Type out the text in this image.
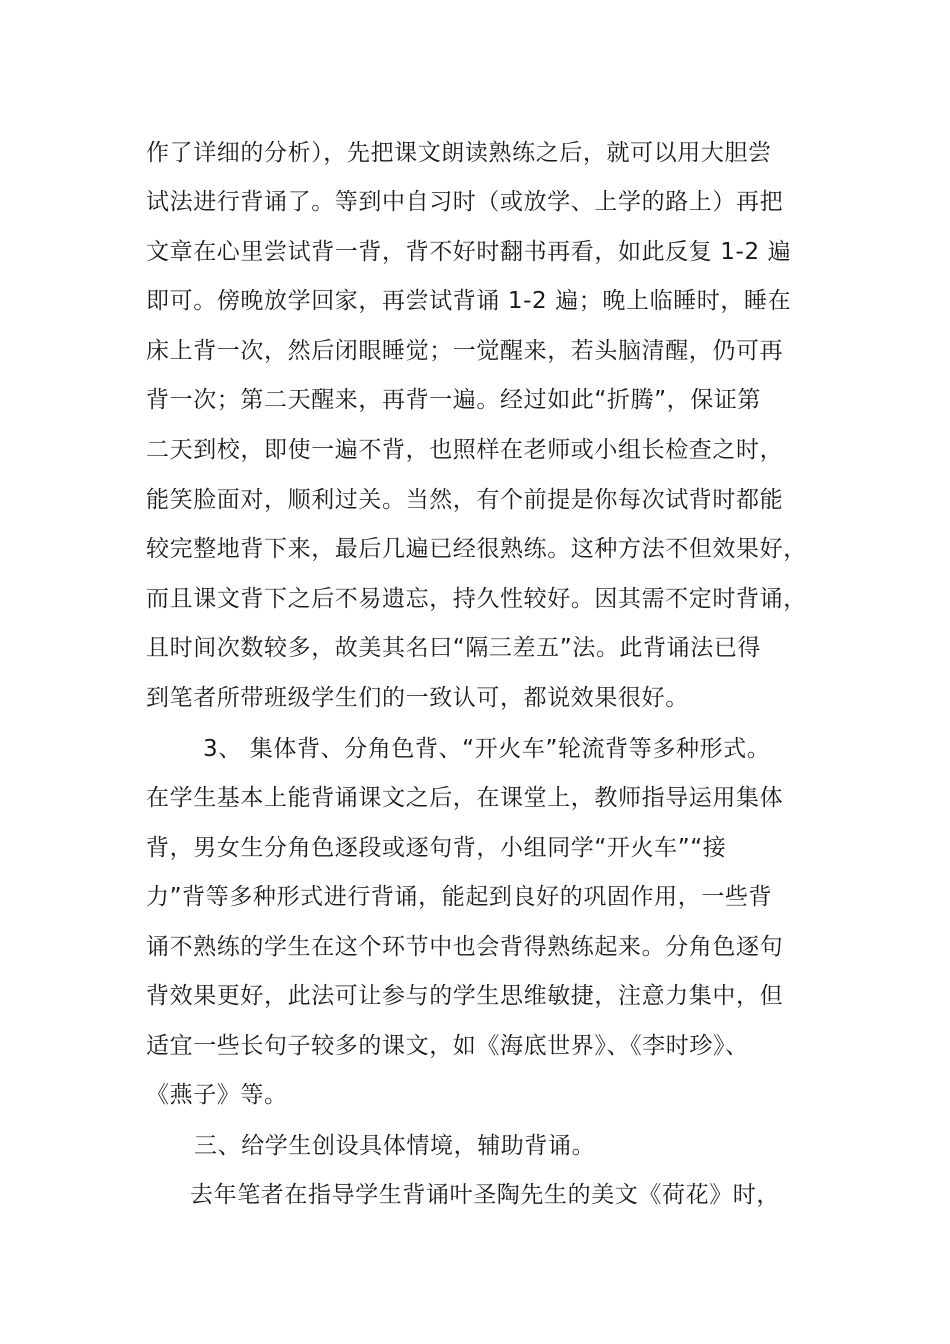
作了详细的分析），先把课文朗读熟练之后，就可以用大胆尝
试法进行背诵了。等到中自习时（或放学、上学的路上）再把
文章在心里尝试背一背，背不好时翻书再看，如此反复 1-2 遍
即可。傍晚放学回家，再尝试背诵 1-2 遍；晚上临睡时，睡在
床上背一次，然后闭眼睡觉；一觉醒来，若头脑清醒，仍可再
背一次；第二天醒来，再背一遍。经过如此“折腾”，保证第
二天到校，即使一遍不背，也照样在老师或小组长检查之时，
能笑脸面对，顺利过关。当然，有个前提是你每次试背时都能
较完整地背下来，最后几遍已经很熟练。这种方法不但效果好，
而且课文背下之后不易遗忘，持久性较好。因其需不定时背诵，
且时间次数较多，故美其名曰“隔三差五”法。此背诵法已得
到笔者所带班级学生们的一致认可，都说效果很好。
3、 集体背、分角色背、“开火车”轮流背等多种形式。
在学生基本上能背诵课文之后，在课堂上，教师指导运用集体
背，男女生分角色逐段或逐句背，小组同学“开火车”“接
力”背等多种形式进行背诵，能起到良好的巩固作用，一些背
诵不熟练的学生在这个环节中也会背得熟练起来。分角色逐句
背效果更好，此法可让参与的学生思维敏捷，注意力集中，但
适宜一些长句子较多的课文，如《海底世界》、《李时珍》、
《燕子》等。
三、给学生创设具体情境，辅助背诵。
去年笔者在指导学生背诵叶圣陶先生的美文《荷花》时，
